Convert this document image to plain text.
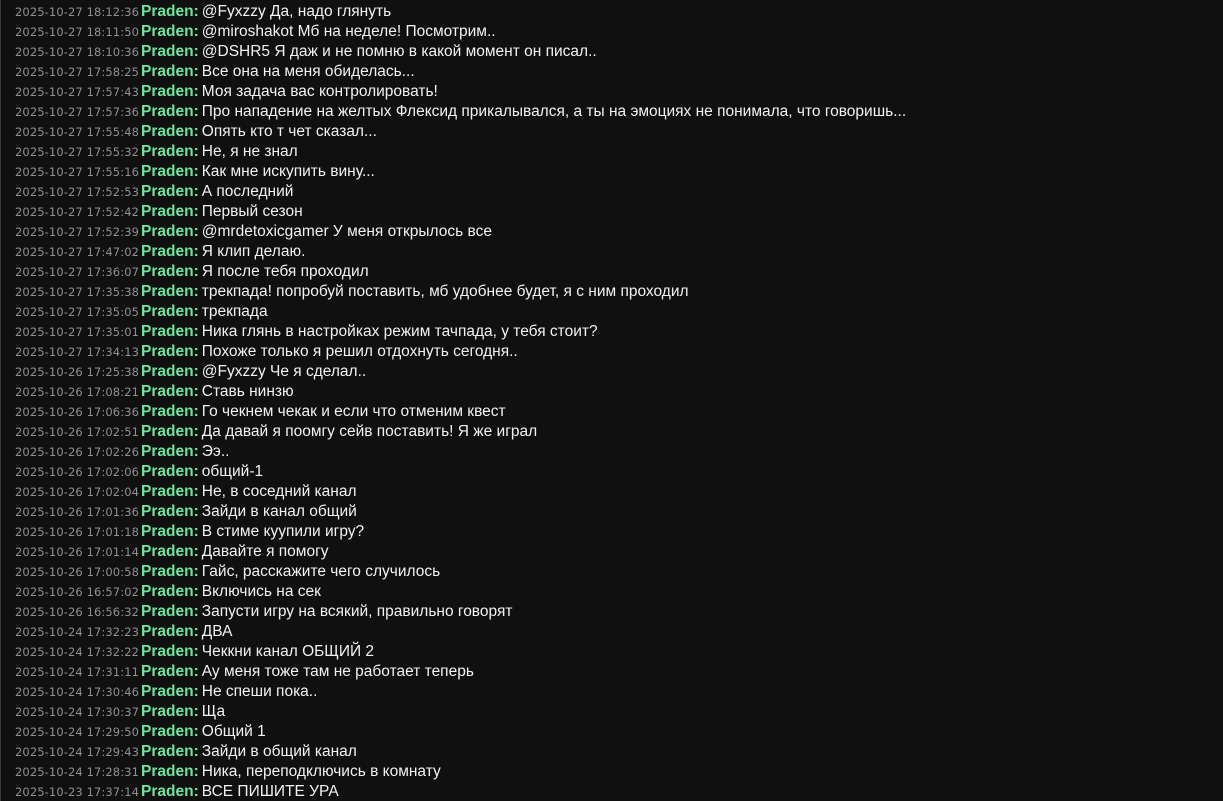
2025-10-27 18:12:36 Praden: @Fyxzzy Да, надо глянуть
2025-10-27 18:11:50 Praden: @miroshakot Мб на неделе! Посмотрим..
2025-10-27 18:10:36 Praden: @DSHR5 Я даж и не помню в какой момент он писал..
2025-10-27 17:58:25 Praden: Все она на меня обиделась...
2025-10-27 17:57:43 Praden: Моя задача вас контролировать!
2025-10-27 17:57:36 Praden: Про нападение на желтых Флексид прикалывался, а ты на эмоциях не понимала, что говоришь...
2025-10-27 17:55:48 Praden: Опять кто т чет сказал...
2025-10-27 17:55:32 Praden: Не, я не знал
2025-10-27 17:55:16 Praden: Как мне искупить вину...
2025-10-27 17:52:53 Praden: А последний
2025-10-27 17:52:42 Praden: Первый сезон
2025-10-27 17:52:39 Praden: @mrdetoxicgamer У меня открылось все
2025-10-27 17:47:02 Praden: Я клип делаю.
2025-10-27 17:36:07 Praden: Я после тебя проходил
2025-10-27 17:35:38 Praden: трекпада! попробуй поставить, мб удобнее будет, я с ним проходил
2025-10-27 17:35:05 Praden: трекпада
2025-10-27 17:35:01 Praden: Ника глянь в настройках режим тачпада, у тебя стоит?
2025-10-27 17:34:13 Praden: Похоже только я решил отдохнуть сегодня..
2025-10-26 17:25:38 Praden: @Fyxzzy Че я сделал..
2025-10-26 17:08:21 Praden: Ставь нинзю
2025-10-26 17:06:36 Praden: Го чекнем чекак и если что отменим квест
2025-10-26 17:02:51 Praden: Да давай я поомгу сейв поставить! Я же играл
2025-10-26 17:02:26 Praden: Ээ..
2025-10-26 17:02:06 Praden: общий-1
2025-10-26 17:02:04 Praden: Не, в соседний канал
2025-10-26 17:01:36 Praden: Зайди в канал общий
2025-10-26 17:01:18 Praden: В стиме куупили игру?
2025-10-26 17:01:14 Praden: Давайте я помогу
2025-10-26 17:00:58 Praden: Гайс, расскажите чего случилось
2025-10-26 16:57:02 Praden: Включись на сек
2025-10-26 16:56:32 Praden: Запусти игру на всякий, правильно говорят
2025-10-24 17:32:23 Praden: ДВА
2025-10-24 17:32:22 Praden: Чеккни канал ОБЩИЙ 2
2025-10-24 17:31:11 Praden: Ау меня тоже там не работает теперь
2025-10-24 17:30:46 Praden: Не спеши пока..
2025-10-24 17:30:37 Praden: Ща
2025-10-24 17:29:50 Praden: Общий 1
2025-10-24 17:29:43 Praden: Зайди в общий канал
2025-10-24 17:28:31 Praden: Ника, переподключись в комнату
2025-10-23 17:37:14 Praden: ВСЕ ПИШИТЕ УРА
